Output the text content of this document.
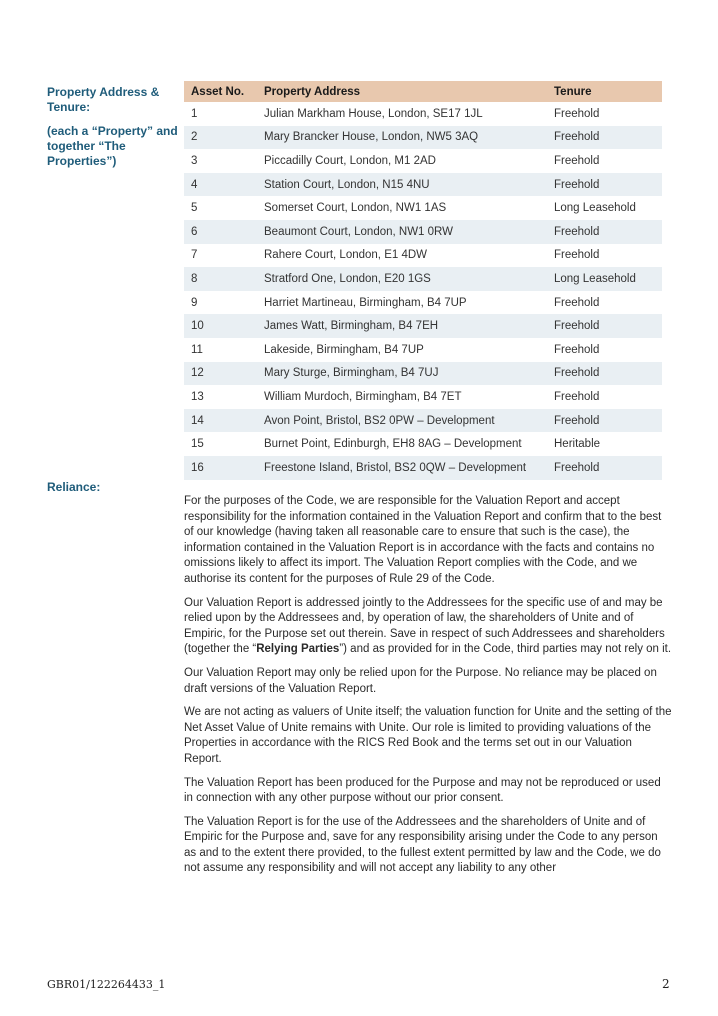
Property Address & Tenure:
(each a “Property” and together “The Properties”)
Asset No.	Property Address	Tenure
1	Julian Markham House, London, SE17 1JL	Freehold
2	Mary Brancker House, London, NW5 3AQ	Freehold
3	Piccadilly Court, London, M1 2AD	Freehold
4	Station Court, London, N15 4NU	Freehold
5	Somerset Court, London, NW1 1AS	Long Leasehold
6	Beaumont Court, London, NW1 0RW	Freehold
7	Rahere Court, London, E1 4DW	Freehold
8	Stratford One, London, E20 1GS	Long Leasehold
9	Harriet Martineau, Birmingham, B4 7UP	Freehold
10	James Watt, Birmingham, B4 7EH	Freehold
11	Lakeside, Birmingham, B4 7UP	Freehold
12	Mary Sturge, Birmingham, B4 7UJ	Freehold
13	William Murdoch, Birmingham, B4 7ET	Freehold
14	Avon Point, Bristol, BS2 0PW – Development	Freehold
15	Burnet Point, Edinburgh, EH8 8AG – Development	Heritable
16	Freestone Island, Bristol, BS2 0QW – Development	Freehold
Reliance:

For the purposes of the Code, we are responsible for the Valuation Report and accept responsibility for the information contained in the Valuation Report and confirm that to the best of our knowledge (having taken all reasonable care to ensure that such is the case), the information contained in the Valuation Report is in accordance with the facts and contains no omissions likely to affect its import. The Valuation Report complies with the Code, and we authorise its content for the purposes of Rule 29 of the Code.

Our Valuation Report is addressed jointly to the Addressees for the specific use of and may be relied upon by the Addressees and, by operation of law, the shareholders of Unite and of Empiric, for the Purpose set out therein. Save in respect of such Addressees and shareholders (together the “Relying Parties”) and as provided for in the Code, third parties may not rely on it.

Our Valuation Report may only be relied upon for the Purpose. No reliance may be placed on draft versions of the Valuation Report.

We are not acting as valuers of Unite itself; the valuation function for Unite and the setting of the Net Asset Value of Unite remains with Unite. Our role is limited to providing valuations of the Properties in accordance with the RICS Red Book and the terms set out in our Valuation Report.

The Valuation Report has been produced for the Purpose and may not be reproduced or used in connection with any other purpose without our prior consent.

The Valuation Report is for the use of the Addressees and the shareholders of Unite and of Empiric for the Purpose and, save for any responsibility arising under the Code to any person as and to the extent there provided, to the fullest extent permitted by law and the Code, we do not assume any responsibility and will not accept any liability to any other

GBR01/122264433_1	2
